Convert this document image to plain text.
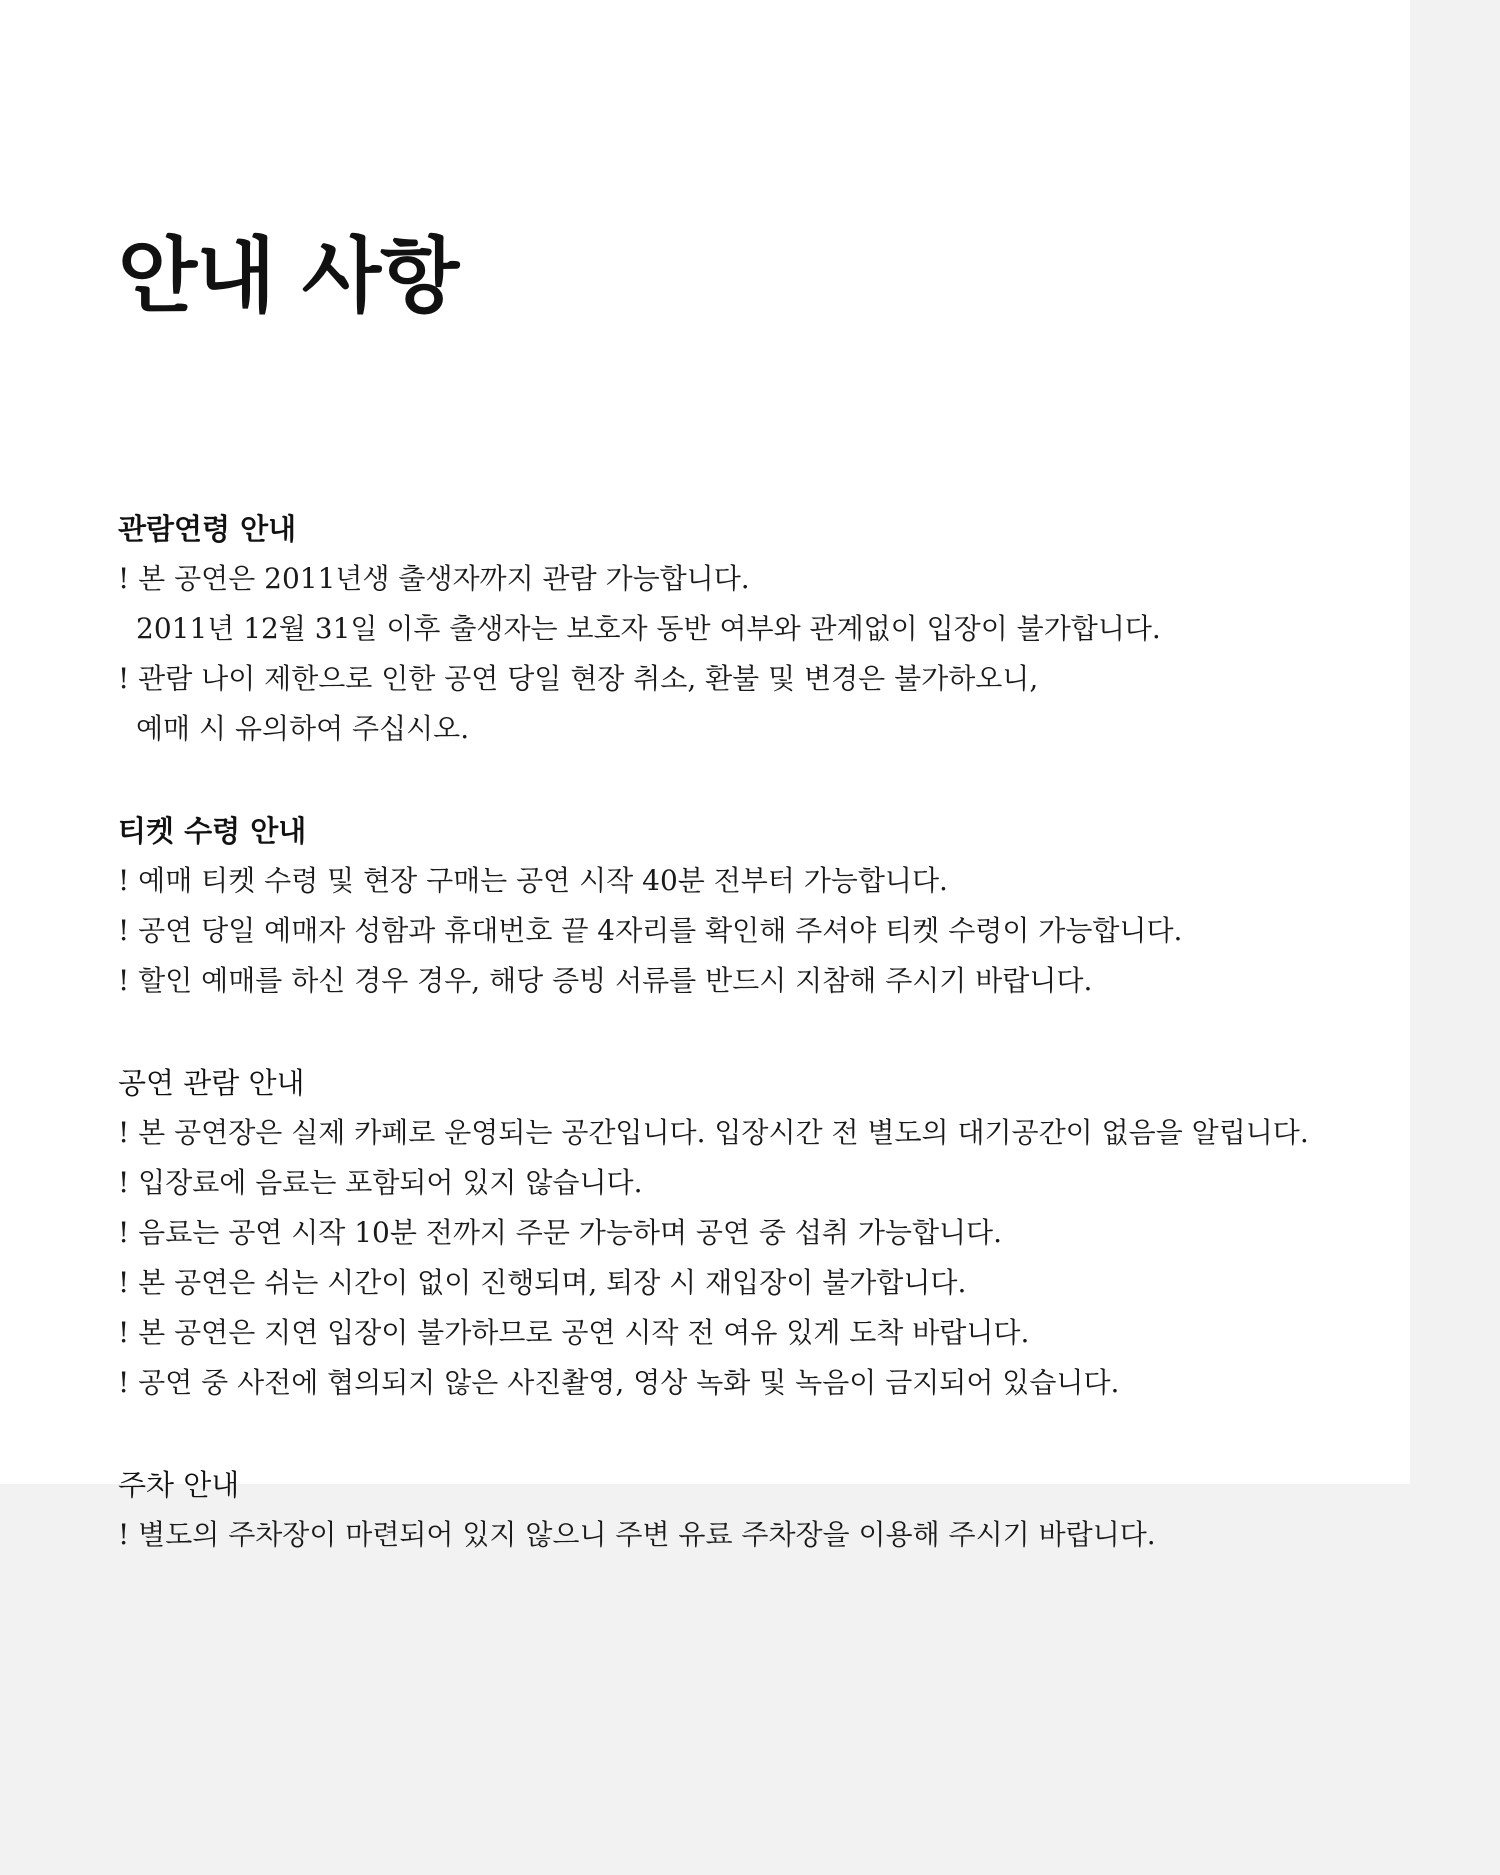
안내 사항
관람연령 안내
! 본 공연은 2011년생 출생자까지 관람 가능합니다.
2011년 12월 31일 이후 출생자는 보호자 동반 여부와 관계없이 입장이 불가합니다.
! 관람 나이 제한으로 인한 공연 당일 현장 취소, 환불 및 변경은 불가하오니,
예매 시 유의하여 주십시오.
티켓 수령 안내
! 예매 티켓 수령 및 현장 구매는 공연 시작 40분 전부터 가능합니다.
! 공연 당일 예매자 성함과 휴대번호 끝 4자리를 확인해 주셔야 티켓 수령이 가능합니다.
! 할인 예매를 하신 경우 경우, 해당 증빙 서류를 반드시 지참해 주시기 바랍니다.
공연 관람 안내
! 본 공연장은 실제 카페로 운영되는 공간입니다. 입장시간 전 별도의 대기공간이 없음을 알립니다.
! 입장료에 음료는 포함되어 있지 않습니다.
! 음료는 공연 시작 10분 전까지 주문 가능하며 공연 중 섭취 가능합니다.
! 본 공연은 쉬는 시간이 없이 진행되며, 퇴장 시 재입장이 불가합니다.
! 본 공연은 지연 입장이 불가하므로 공연 시작 전 여유 있게 도착 바랍니다.
! 공연 중 사전에 협의되지 않은 사진촬영, 영상 녹화 및 녹음이 금지되어 있습니다.
주차 안내
! 별도의 주차장이 마련되어 있지 않으니 주변 유료 주차장을 이용해 주시기 바랍니다.
